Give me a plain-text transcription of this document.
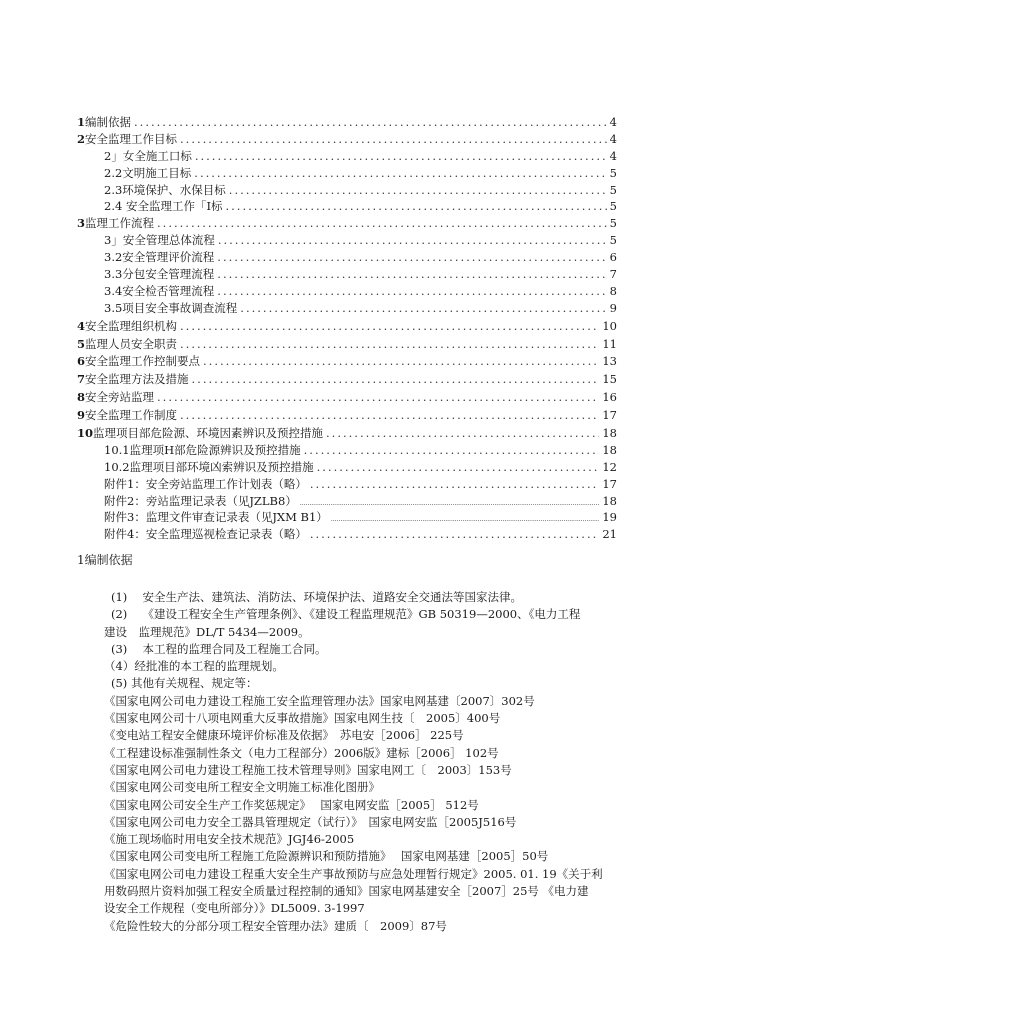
1 编制依据 .....	4
2 安全监理工作目标 .....	4
2」女全施工口标 .....	4
2.2文明施工目标 .....	5
2.3环境保护、水保目标 .....	5
2.4 安全监理工作「I标 .....	5
3 监理工作流程 .....	5
3」安全管理总体流程 .....	5
3.2安全管理评价流程 .....	6
3.3分包安全管理流程 .....	7
3.4安全检否管理流程 .....	8
3.5项目安全事故调查流程 .....	9
4 安全监理组织机构 .....	10
5 监理人员安全职责 .....	11
6 安全监理工作控制要点 .....	13
7 安全监理方法及措施 .....	15
8 安全旁站监理 .....	16
9 安全监理工作制度 .....	17
10 监理项目部危险源、环境因素辨识及预控措施 .....	18
10.1监理项H部危险源辨识及预控措施 .....	18
10.2监理项目部环境凶索辨识及预控措施 .....	12
附件1：安全旁站监理工作计划表（略） .....	17
附件2：旁站监理记录表（见JZLB8） .....	18
附件3：监理文件审查记录表（见JXM B1） .....	19
附件4：安全监理巡视检查记录表（略） .....	21
1编制依据
(1)　 安全生产法、建筑法、消防法、环境保护法、道路安全交通法等国家法律。
(2)　 《建设工程安全生产管理条例》、《建设工程监理规范》GB 50319—2000、《电力工程
建设　监理规范》DL/T 5434—2009。
(3)　 本工程的监理合同及工程施工合同。
（4）经批准的本工程的监理规划。
(5) 其他有关规程、规定等：
《国家电网公司电力建设工程施工安全监理管理办法》国家电网基建〔2007〕302号
《国家电网公司十八项电网重大反事故措施》国家电网生技〔　2005〕400号
《变电站工程安全健康环境评价标准及依据》　苏电安［2006］ 225号
《工程建设标准强制性条文（电力工程部分）2006版》建标［2006］ 102号
《国家电网公司电力建设工程施工技术管理导则》国家电网工〔　2003〕153号
《国家电网公司变电所工程安全文明施工标准化图册》
《国家电网公司安全生产工作奖惩规定》　 国家电网安监［2005］ 512号
《国家电网公司电力安全工器具管理规定（试行）》　国家电网安监［2005J516号
《施工现场临时用电安全技术规范》JGJ46-2005
《国家电网公司变电所工程施工危险源辨识和预防措施》　 国家电网基建［2005］50号
《国家电网公司电力建设工程重大安全生产事故预防与应急处理暂行规定》2005. 01. 19《关于利
用数码照片资料加强工程安全质量过程控制的通知》国家电网基建安全［2007］25号 《电力建
设安全工作规程（变电所部分）》DL5009. 3-1997
《危险性较大的分部分项工程安全管理办法》建质〔　2009〕87号
